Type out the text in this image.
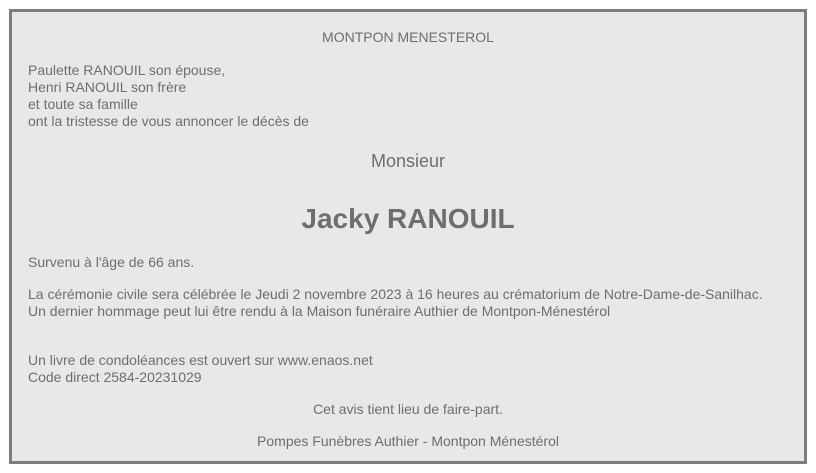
MONTPON MENESTEROL
Paulette RANOUIL son épouse,
Henri RANOUIL son frère
et toute sa famille
ont la tristesse de vous annoncer le décès de
Monsieur
Jacky RANOUIL
Survenu à l'âge de 66 ans.
La cérémonie civile sera célébrée le Jeudi 2 novembre 2023 à 16 heures au crématorium de Notre-Dame-de-Sanilhac.
Un dernier hommage peut lui être rendu à la Maison funéraire Authier de Montpon-Ménestérol
Un livre de condoléances est ouvert sur www.enaos.net
Code direct 2584-20231029
Cet avis tient lieu de faire-part.
Pompes Funèbres Authier - Montpon Ménestérol
